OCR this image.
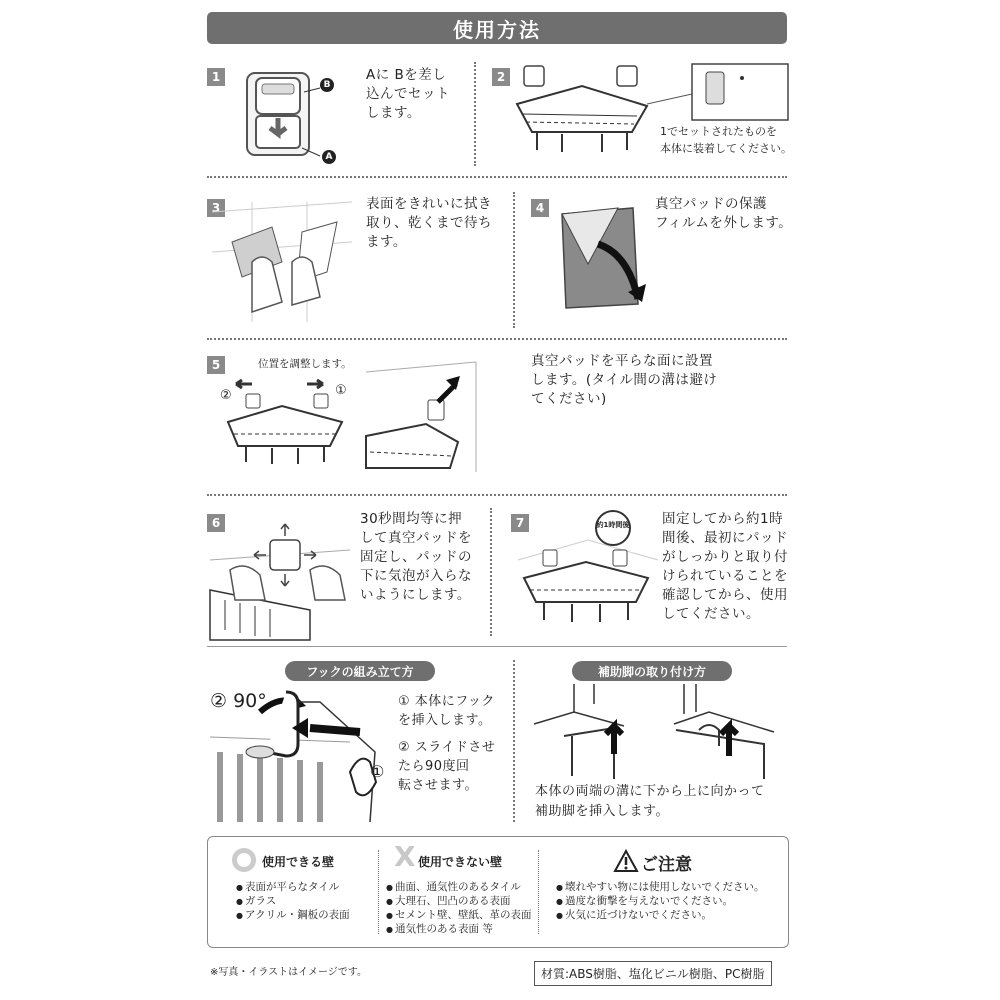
使用方法
1
B
A
Aに Bを差し
込んでセット
します。
2
1でセットされたものを
本体に装着してください。
3	表面をきれいに拭き
取り、乾くまで待ち
ます。
4	真空パッドの保護
フィルムを外します。
5	位置を調整します。
②	①
真空パッドを平らな面に設置
します。(タイル間の溝は避け
てください)
6	30秒間均等に押
して真空パッドを
固定し、パッドの
下に気泡が入らな
いようにします。
7	約1時間後 固定してから約1時
間後、最初にパッド
がしっかりと取り付
けられていることを
確認してから、使用
してください。
フックの組み立て方
② 90°
①
① 本体にフック
を挿入します。
② スライドさせ
たら90度回
転させます。
補助脚の取り付け方
本体の両端の溝に下から上に向かって
補助脚を挿入します。
使用できる壁
● 表面が平らなタイル
● ガラス
● アクリル・鋼板の表面
X 使用できない壁
● 曲面、通気性のあるタイル
● 大理石、凹凸のある表面
● セメント壁、壁紙、革の表面
● 通気性のある表面 等
ご注意
● 壊れやすい物には使用しないでください。
● 過度な衝撃を与えないでください。
● 火気に近づけないでください。
※写真・イラストはイメージです。	材質:ABS樹脂、塩化ビニル樹脂、PC樹脂
